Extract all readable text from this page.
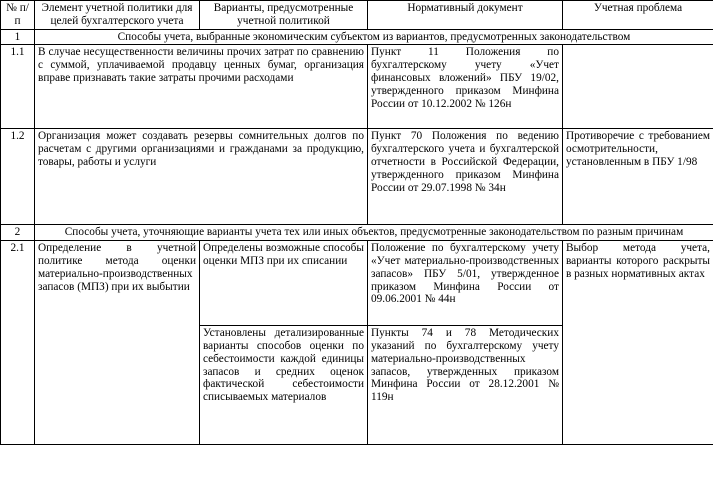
№ п/п	Элемент учетной политики для целей бухгалтерского учета	Варианты, предусмотренные учетной политикой	Нормативный документ	Учетная проблема
1	Способы учета, выбранные экономическим субъектом из вариантов, предусмотренных законодательством			
1.1	В случае несущественности величины прочих затрат по сравнению с суммой, уплачиваемой продавцу ценных бумаг, организация вправе признавать такие затраты прочими расходами		Пункт 11 Положения по бухгалтерскому учету «Учет финансовых вложений» ПБУ 19/02, утвержденного приказом Минфина России от 10.12.2002 № 126н	
1.2	Организация может создавать резервы сомнительных долгов по расчетам с другими организациями и гражданами за продукцию, товары, работы и услуги		Пункт 70 Положения по ведению бухгалтерского учета и бухгалтерской отчетности в Российской Федерации, утвержденного приказом Минфина России от 29.07.1998 № 34н	Противоречие с требованием осмотрительности, установленным в ПБУ 1/98
2	Способы учета, уточняющие варианты учета тех или иных объектов, предусмотренные законодательством по разным причинам			
2.1	Определение в учетной политике метода оценки материально-производственных запасов (МПЗ) при их выбытии	Определены возможные способы оценки МПЗ при их списании	Положение по бухгалтерскому учету «Учет материально-производственных запасов» ПБУ 5/01, утвержденное приказом Минфина России от 09.06.2001 № 44н	Выбор метода учета, варианты которого раскрыты в разных нормативных актах
		Установлены детализированные варианты способов оценки по себестоимости каждой единицы запасов и средних оценок фактической себестоимости списываемых материалов	Пункты 74 и 78 Методических указаний по бухгалтерскому учету материально-производственных запасов, утвержденных приказом Минфина России от 28.12.2001 № 119н	
